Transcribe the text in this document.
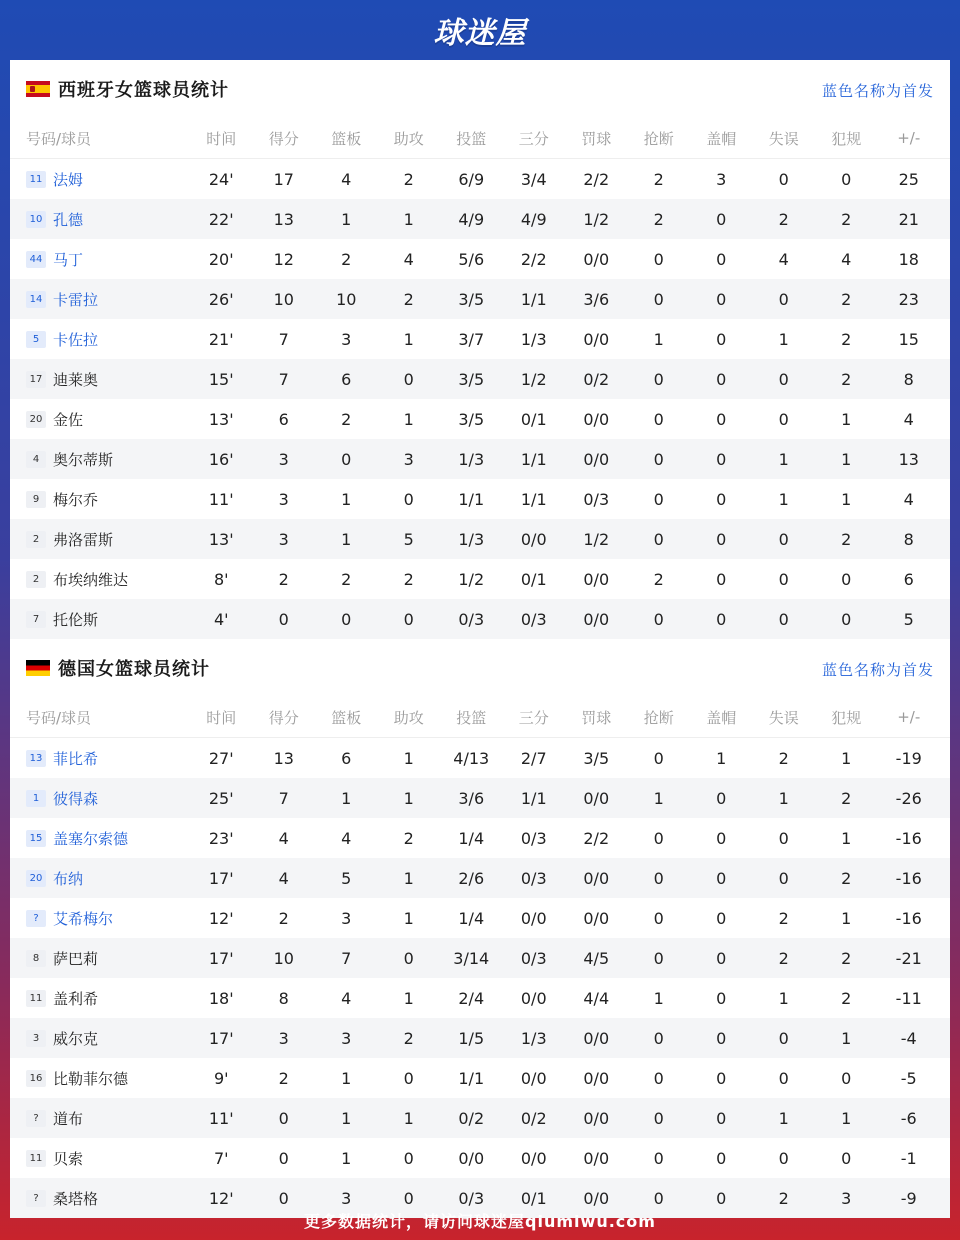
球迷屋
西班牙女篮球员统计	蓝色名称为首发
号码/球员	时间	得分	篮板	助攻	投篮	三分	罚球	抢断	盖帽	失误	犯规	+/-
11 法姆	24'	17	4	2	6/9	3/4	2/2	2	3	0	0	25
10 孔德	22'	13	1	1	4/9	4/9	1/2	2	0	2	2	21
44 马丁	20'	12	2	4	5/6	2/2	0/0	0	0	4	4	18
14 卡雷拉	26'	10	10	2	3/5	1/1	3/6	0	0	0	2	23
5 卡佐拉	21'	7	3	1	3/7	1/3	0/0	1	0	1	2	15
17 迪莱奥	15'	7	6	0	3/5	1/2	0/2	0	0	0	2	8
20 金佐	13'	6	2	1	3/5	0/1	0/0	0	0	0	1	4
4 奥尔蒂斯	16'	3	0	3	1/3	1/1	0/0	0	0	1	1	13
9 梅尔乔	11'	3	1	0	1/1	1/1	0/3	0	0	1	1	4
2 弗洛雷斯	13'	3	1	5	1/3	0/0	1/2	0	0	0	2	8
2 布埃纳维达	8'	2	2	2	1/2	0/1	0/0	2	0	0	0	6
7 托伦斯	4'	0	0	0	0/3	0/3	0/0	0	0	0	0	5
德国女篮球员统计	蓝色名称为首发
号码/球员	时间	得分	篮板	助攻	投篮	三分	罚球	抢断	盖帽	失误	犯规	+/-
13 菲比希	27'	13	6	1	4/13	2/7	3/5	0	1	2	1	-19
1 彼得森	25'	7	1	1	3/6	1/1	0/0	1	0	1	2	-26
15 盖塞尔索德	23'	4	4	2	1/4	0/3	2/2	0	0	0	1	-16
20 布纳	17'	4	5	1	2/6	0/3	0/0	0	0	0	2	-16
? 艾希梅尔	12'	2	3	1	1/4	0/0	0/0	0	0	2	1	-16
8 萨巴莉	17'	10	7	0	3/14	0/3	4/5	0	0	2	2	-21
11 盖利希	18'	8	4	1	2/4	0/0	4/4	1	0	1	2	-11
3 威尔克	17'	3	3	2	1/5	1/3	0/0	0	0	0	1	-4
16 比勒菲尔德	9'	2	1	0	1/1	0/0	0/0	0	0	0	0	-5
? 道布	11'	0	1	1	0/2	0/2	0/0	0	0	1	1	-6
11 贝索	7'	0	1	0	0/0	0/0	0/0	0	0	0	0	-1
? 桑塔格	12'	0	3	0	0/3	0/1	0/0	0	0	2	3	-9
更多数据统计，请访问球迷屋qiumiwu.com
